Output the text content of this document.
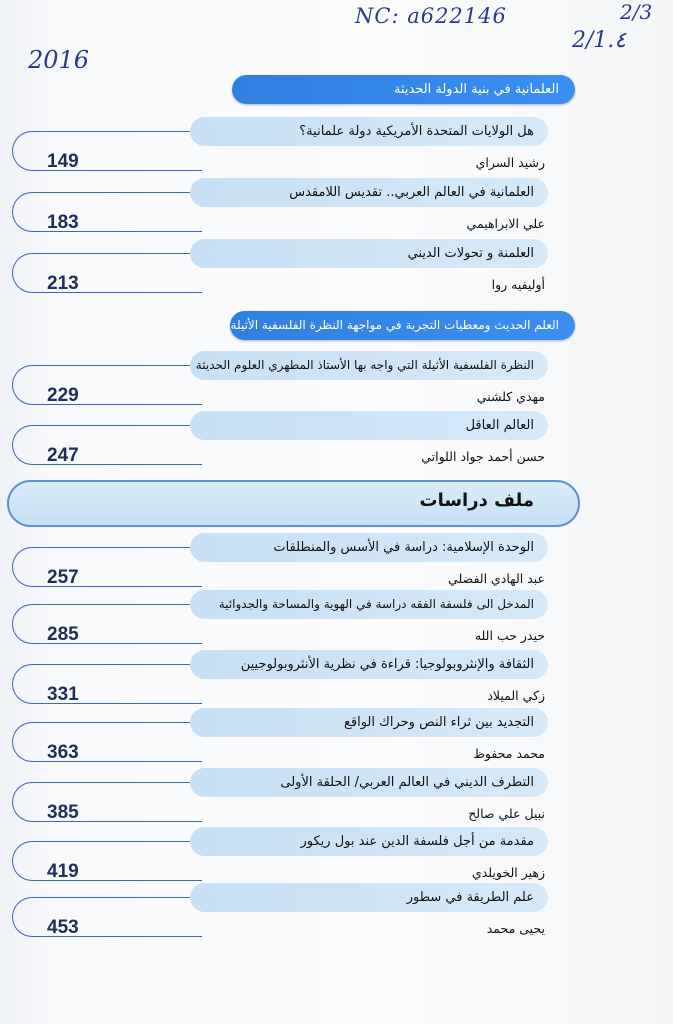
NC: a622146	2/3
2/1.٤
2016
العلمانية في بنية الدولة الحديثة
هل الولايات المتحدة الأمريكية دولة علمانية؟
رشيد السراي
149
العلمانية في العالم العربي.. تقديس اللامقدس
علي الابراهيمي
183
العلمنة و تحولات الديني
أوليفيه روا
213
العلم الحديث ومعطيات التجربة في مواجهة النظرة الفلسفية الأثيلة
النظرة الفلسفية الأثيلة التي واجه بها الأستاذ المطهري العلوم الحديثة
مهدي كلشني
229
العالم العاقل
حسن أحمد جواد اللواتي
247
ملف دراسات
الوحدة الإسلامية: دراسة في الأسس والمنطلقات
عبد الهادي الفضلي
257
المدخل الى فلسفة الفقه دراسة في الهوية والمساحة والجدوائية
حيدر حب الله
285
الثقافة والإنثروبولوجيا: قراءة في نظرية الأنثروبولوجيين
زكي الميلاد
331
التجديد بين ثراء النص وحراك الواقع
محمد محفوظ
363
التطرف الديني في العالم العربي/ الحلقة الأولى
نبيل علي صالح
385
مقدمة من أجل فلسفة الدين عند بول ريكور
زهير الخويلدي
419
علم الطريقة في سطور
يحيى محمد
453
